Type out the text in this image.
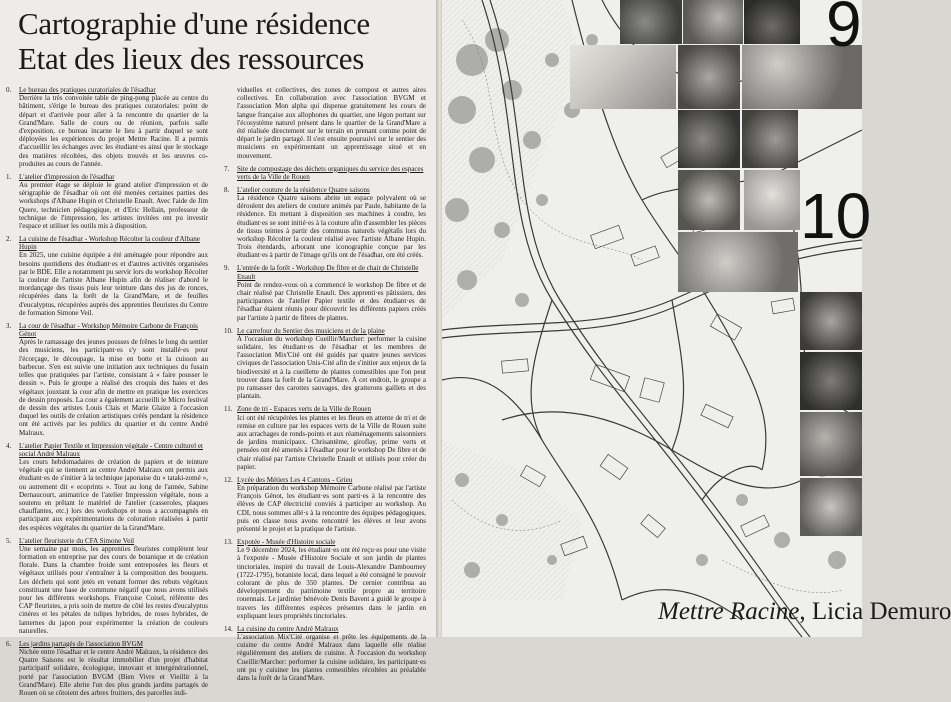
Cartographie d'une résidence
Etat des lieux des ressources
0. Le bureau des pratiques curatoriales de l'ésadhar
Derrière la très convoitée table de ping-pong placée au centre du bâtiment, s'érige le bureau des pratiques curatoriales: point de départ et d'arrivée pour aller à la rencontre du quartier de la Grand'Mare. Salle de cours ou de réunion, parfois salle d'exposition, ce bureau incarne le lieu à partir duquel se sont déployées les expériences du projet Mettre Racine. Il a permis d'accueillir les échanges avec les étudiant·es ainsi que le stockage des matières récoltées, des objets trouvés et les œuvres co-produites au cours de l'année.
1. L'atelier d'impression de l'ésadhar
Au premier étage se déploie le grand atelier d'impression et de sérigraphie de l'ésadhar où ont été menées certaines parties des workshops d'Albane Hupin et Christelle Enault. Avec l'aide de Jim Quere, technicien pédagogique, et d'Eric Hellain, professeur de technique de l'impression, les artistes invitées ont pu investir l'espace et utiliser les outils mis à disposition.
2. La cuisine de l'ésadhar - Workshop Récolter la couleur d'Albane Hupin
En 2025, une cuisine équipée a été aménagée pour répondre aux besoins quotidiens des étudiant·es et d'autres activités organisées par le BDE. Elle a notamment pu servir lors du workshop Récolter la couleur de l'artiste Albane Hupin afin de réaliser d'abord le mordançage des tissus puis leur teinture dans des jus de ronces, récupérées dans la forêt de la Grand'Mare, et de feuilles d'eucalyptus, récupérées auprès des apprenties fleuristes du Centre de formation Simone Veil.
3. La cour de l'ésadhar - Workshop Mémoire Carbone de François Génot
Après le ramassage des jeunes pousses de frênes le long du sentier des musiciens, les participant·es s'y sont installé·es pour l'écorçage, le découpage, la mise en botte et la cuisson au barbecue. S'en est suivie une initiation aux techniques du fusain telles que pratiquées par l'artiste, consistant à « faire pousser le dessin ». Puis le groupe a réalisé des croquis des haies et des végétaux jouxtant la cour afin de mettre en pratique les exercices de dessin proposés. La cour a également accueilli le Micro festival de dessin des artistes Louis Clais et Marie Glaize à l'occasion duquel les outils de création artistiques créés pendant la résidence ont été activés par les publics du quartier et du centre André Malraux.
4. L'atelier Papier Textile et Impression végétale - Centre culturel et social André Malraux
Les cours hebdomadaires de création de papiers et de teinture végétale qui se tiennent au centre André Malraux ont permis aux étudiant·es de s'initier à la technique japonaise du « tataki-zomé », ou autrement dit « ecoprints ». Tout au long de l'année, Sabine Dernaucourt, animatrice de l'atelier Impression végétale, nous a soutenu en prêtant le matériel de l'atelier (casseroles, plaques chauffantes, etc.) lors des workshops et nous a accompagnés en participant aux expérimentations de coloration réalisées à partir des espèces végétales du quartier de la Grand'Mare.
5. L'atelier fleuristerie du CFA Simone Veil
Une semaine par mois, les apprenties fleuristes complètent leur formation en entreprise par des cours de botanique et de création florale. Dans la chambre froide sont entreposées les fleurs et végétaux utilisés pour s'entraîner à la composition des bouquets. Les déchets qui sont jetés en venant former des rebuts végétaux constituant une base de commune négatif que nous avons utilisés pour les différents workshops. Françoise Coisel, référente des CAP fleuristes, a pris soin de mettre de côté les restes d'eucalyptus cinéres et les pétales de tulipes hybrides, de roses hybrides, de lanternes du japon pour expérimenter la création de couleurs naturelles.
6. Les jardins partagés de l'association BVGM
Nichée entre l'ésadhar et le centre André Malraux, la résidence des Quatre Saisons est le résultat immobilier d'un projet d'habitat participatif solidaire, écologique, innovant et intergénérationnel, porté par l'association BVGM (Bien Vivre et Vieillir à la Grand'Mare). Elle abrite l'un des plus grands jardins partagés de Rouen où se côtoient des arbres fruitiers, des parcelles indi-
viduelles et collectives, des zones de compost et autres aires collectives. En collaboration avec l'association BVGM et l'association Mon alpha qui dispense gratuitement les cours de langue française aux allophones du quartier, une légon portant sur l'écosystème naturel présent dans le quartier de la Grand'Mare a été réalisée directement sur le terrain en prenant comme point de départ le jardin partagé. Il s'est ensuite poursuivi sur le sentier des musiciens en expérimentant un apprentissage situé et en mouvement.
7. Site de compostage des déchets organiques du service des espaces verts de la Ville de Rouen
8. L'atelier couture de la résidence Quatre saisons
La résidence Quatre saisons abrite un espace polyvalent où se déroulent des ateliers de couture animés par Paule, habitante de la résidence. En mettant à disposition ses machines à coudre, les étudiant·es se sont initié·es à la couture afin d'assembler les pièces de tissus teintes à partir des commuus naturels végétalis lors du workshop Récolter la couleur réalisé avec l'artiste Albane Hupin. Trois étendards, arborant une iconographie conçue par les étudiant·es à partir de l'image qu'ils ont de l'ésadhar, ont été créés.
9. L'entrée de la forêt - Workshop De fibre et de chair de Christelle Enault
Point de rendez-vous où a commencé le workshop De fibre et de chair réalisé par Christelle Enault. Des apprenti·es pâtissiers, des participantes de l'atelier Papier textile et des étudiant·es de l'ésadhar étaient réunis pour découvrir les différents papiers créés par l'artiste à partir de fibres de plantes.
10. Le carrefour du Sentier des musiciens et de la plaine
À l'occasion du workshop Cueillir/Marcher: performer la cuisine solidaire, les étudiant·es de l'ésadhar et les membres de l'association Mix'Cité ont été guidés par quatre jeunes services civiques de l'association Unis-Cité afin de s'initier aux enjeux de la biodiversité et à la cueillette de plantes comestibles que l'on peut trouver dans la forêt de la Grand'Mare. À cet endroit, le groupe a pu ramasser des carottes sauvages, des gratterons gaillets et des plantain.
11. Zone de tri - Espaces verts de la Ville de Rouen
Ici ont été récupérées les plantes et les fleurs en attente de tri et de remise en culture par les espaces verts de la Ville de Rouen suite aux arrachages de ronds-points et aux réaménagements saisonniers de jardins municipaux. Chrisantème, giroflay, prime verts et pensées ont été amenés à l'ésadhar pour le workshop De fibre et de chair réalisé par l'artiste Christelle Enault et utilisés pour créer du papier.
12. Lycée des Métiers Les 4 Cantons - Grieu
En préparation du workshop Mémoire Carbone réalisé par l'artiste François Génot, les étudiant·es sont parti·es à la rencontre des élèves de CAP électricité conviés à participer au workshop. Au CDI, nous sommes allé·s à la rencontre des équipes pédagogiques, puis en classe nous avons rencontré les élèves et leur avons présenté le projet et la pratique de l'artiste.
13. Expotée - Musée d'Histoire sociale
Le 9 décembre 2024, les étudiant·es ont été reçu·es pour une visite à l'expotée - Musée d'Histoire Sociale et son jardin de plantes tinctoriales, inspiré du travail de Louis-Alexandre Dambourney (1722-1795), botaniste local, dans lequel a été consigné le pouvoir colorant de plus de 350 plantes. De cernier contribua au développement du patrimoine textile propre au territoire rouennais. Le jardinier bénévole Denis Bavent a guidé le groupe à travers les différentes espèces présentes dans le jardin en expliquant leurs propriétés tinctoriales.
14. La cuisine du centre André Malraux
L'association Mix'Cité organise et prête les équipements de la cuisine du centre André Malraux dans laquelle elle réalise régulièrement des ateliers de cuisine. À l'occasion du workshop Cueillir/Marcher: performer la cuisine solidaire, les participant·es ont pu y cuisiner les plantes comestibles récoltées au préalable dans la forêt de la Grand'Mare.
9
10
Mettre Racine, Licia Demuro
